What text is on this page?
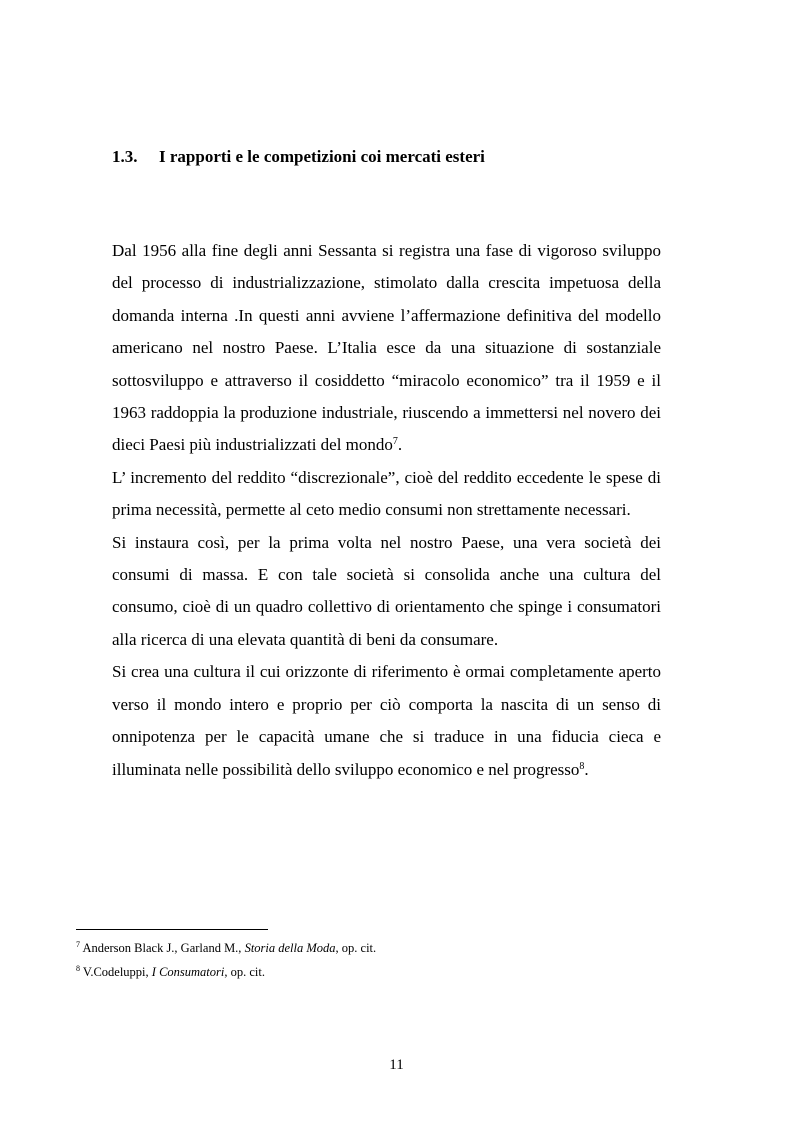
1.3. I rapporti e le competizioni coi mercati esteri

Dal 1956 alla fine degli anni Sessanta si registra una fase di vigoroso sviluppo del processo di industrializzazione, stimolato dalla crescita impetuosa della domanda interna .In questi anni avviene l’affermazione definitiva del modello americano nel nostro Paese. L’Italia esce da una situazione di sostanziale sottosviluppo e attraverso il cosiddetto “miracolo economico” tra il 1959 e il 1963 raddoppia la produzione industriale, riuscendo a immettersi nel novero dei dieci Paesi più industrializzati del mondo$^7$.

L’ incremento del reddito “discrezionale”, cioè del reddito eccedente le spese di prima necessità, permette al ceto medio consumi non strettamente necessari.

Si instaura così, per la prima volta nel nostro Paese, una vera società dei consumi di massa. E con tale società si consolida anche una cultura del consumo, cioè di un quadro collettivo di orientamento che spinge i consumatori alla ricerca di una elevata quantità di beni da consumare.

Si crea una cultura il cui orizzonte di riferimento è ormai completamente aperto verso il mondo intero e proprio per ciò comporta la nascita di un senso di onnipotenza per le capacità umane che si traduce in una fiducia cieca e illuminata nelle possibilità dello sviluppo economico e nel progresso$^8$.

$^7$ Anderson Black J., Garland M., Storia della Moda, op. cit.
$^8$ V.Codeluppi, I Consumatori, op. cit.
11
